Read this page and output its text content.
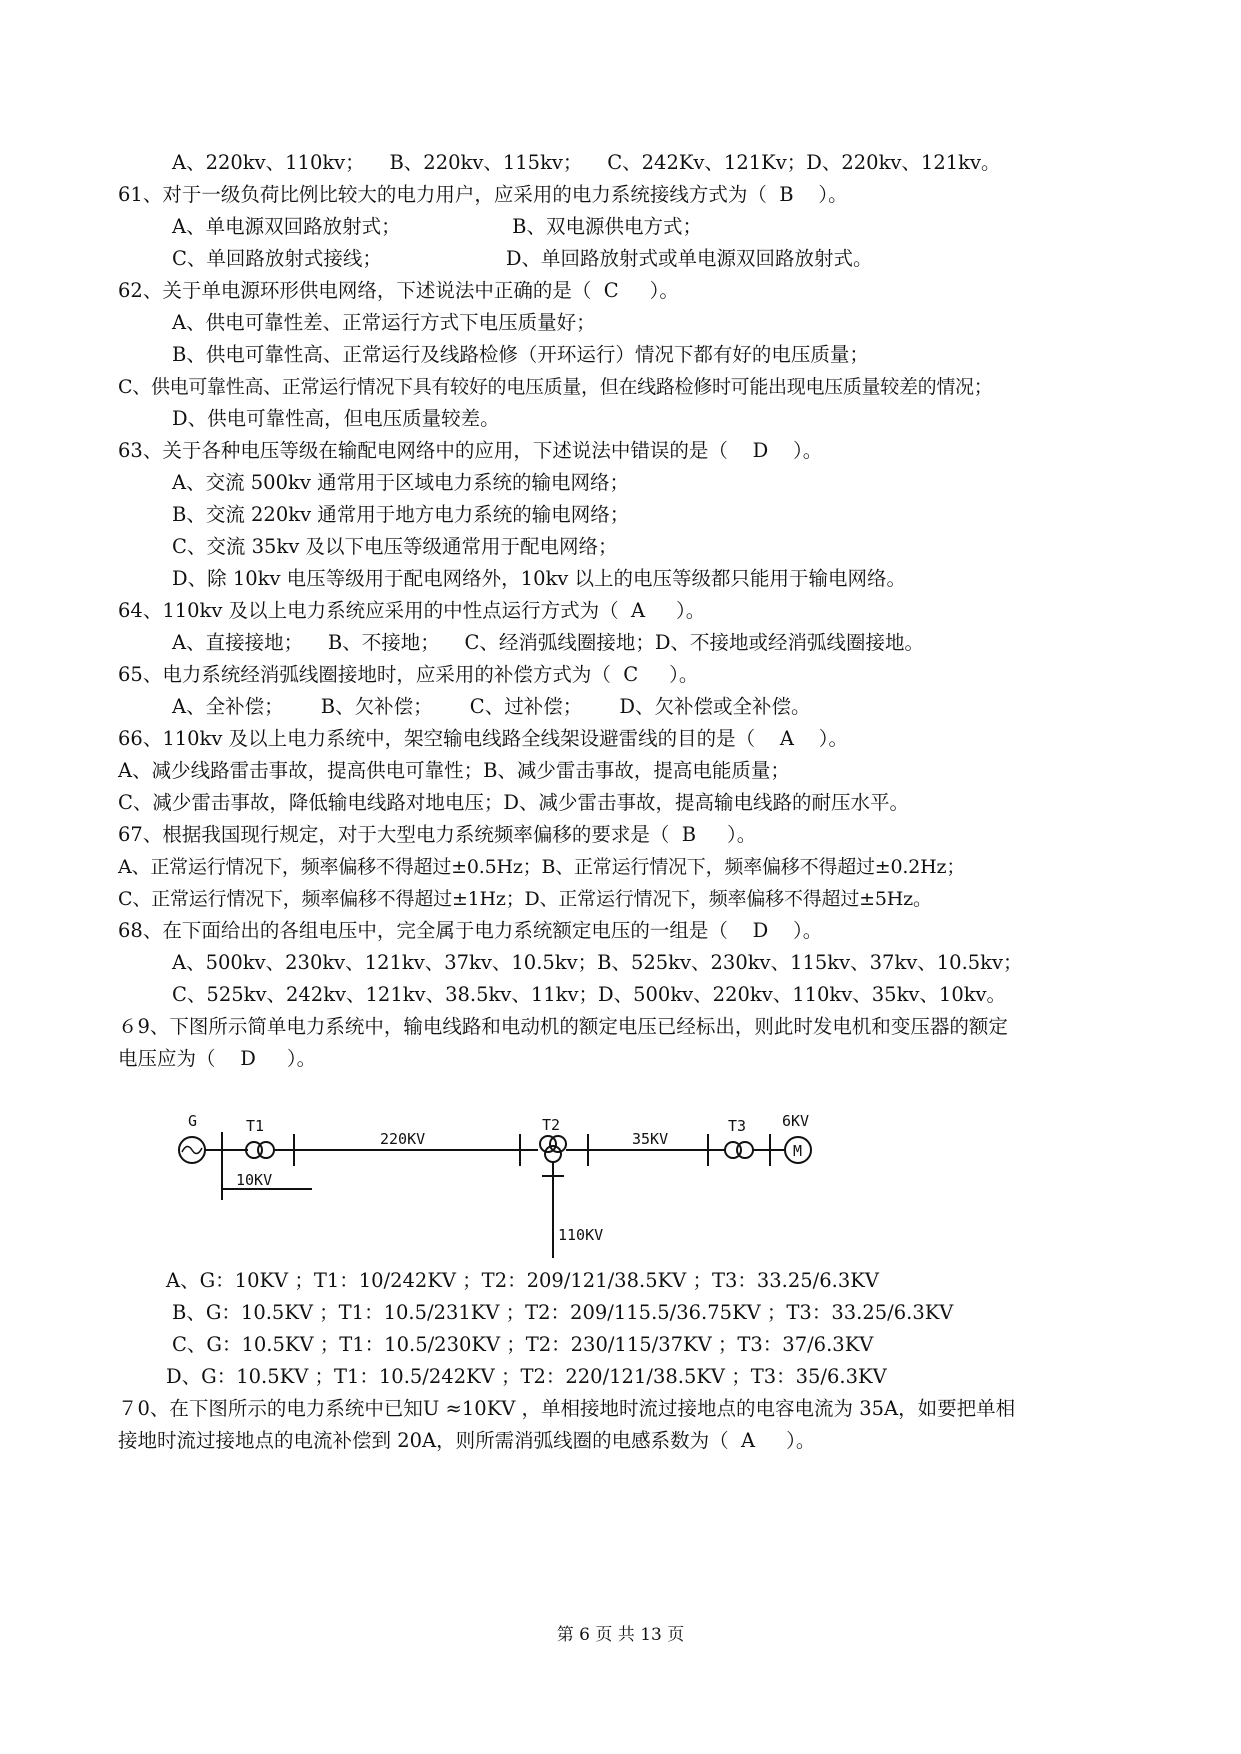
A、220kv、110kv；    B、220kv、115kv；    C、242Kv、121Kv；D、220kv、121kv。
61、对于一级负荷比例比较大的电力用户，应采用的电力系统接线方式为（  B    ）。
A、单电源双回路放射式；                  B、双电源供电方式；
C、单回路放射式接线；                    D、单回路放射式或单电源双回路放射式。
62、关于单电源环形供电网络，下述说法中正确的是（  C     ）。
A、供电可靠性差、正常运行方式下电压质量好；
B、供电可靠性高、正常运行及线路检修（开环运行）情况下都有好的电压质量；
C、供电可靠性高、正常运行情况下具有较好的电压质量，但在线路检修时可能出现电压质量较差的情况；
D、供电可靠性高，但电压质量较差。
63、关于各种电压等级在输配电网络中的应用，下述说法中错误的是（    D    ）。
A、交流 500kv 通常用于区域电力系统的输电网络；
B、交流 220kv 通常用于地方电力系统的输电网络；
C、交流 35kv 及以下电压等级通常用于配电网络；
D、除 10kv 电压等级用于配电网络外，10kv 以上的电压等级都只能用于输电网络。
64、110kv 及以上电力系统应采用的中性点运行方式为（  A     ）。
A、直接接地；    B、不接地；    C、经消弧线圈接地；D、不接地或经消弧线圈接地。
65、电力系统经消弧线圈接地时，应采用的补偿方式为（  C     ）。
A、全补偿；      B、欠补偿；      C、过补偿；      D、欠补偿或全补偿。
66、110kv 及以上电力系统中，架空输电线路全线架设避雷线的目的是（    A    ）。
A、减少线路雷击事故，提高供电可靠性；B、减少雷击事故，提高电能质量；
C、减少雷击事故，降低输电线路对地电压；D、减少雷击事故，提高输电线路的耐压水平。
67、根据我国现行规定，对于大型电力系统频率偏移的要求是（  B     ）。
A、正常运行情况下，频率偏移不得超过±0.5Hz；B、正常运行情况下，频率偏移不得超过±0.2Hz；
C、正常运行情况下，频率偏移不得超过±1Hz；D、正常运行情况下，频率偏移不得超过±5Hz。
68、在下面给出的各组电压中，完全属于电力系统额定电压的一组是（    D    ）。
A、500kv、230kv、121kv、37kv、10.5kv；B、525kv、230kv、115kv、37kv、10.5kv；
C、525kv、242kv、121kv、38.5kv、11kv；D、500kv、220kv、110kv、35kv、10kv。
６9、下图所示简单电力系统中，输电线路和电动机的额定电压已经标出，则此时发电机和变压器的额定
电压应为（    D     ）。
G	T1
220KV
10KV
T2
35KV
T3 6KV
M
110KV
A、G：10KV ；T1：10/242KV ；T2：209/121/38.5KV ；T3：33.25/6.3KV
B、G：10.5KV ；T1：10.5/231KV ；T2：209/115.5/36.75KV ；T3：33.25/6.3KV
C、G：10.5KV ；T1：10.5/230KV ；T2：230/115/37KV ；T3：37/6.3KV
D、G：10.5KV ；T1：10.5/242KV ；T2：220/121/38.5KV ；T3：35/6.3KV
７0、在下图所示的电力系统中已知U ≈10KV ，单相接地时流过接地点的电容电流为 35A，如要把单相
接地时流过接地点的电流补偿到 20A，则所需消弧线圈的电感系数为（  A     ）。
第 6 页 共 13 页
